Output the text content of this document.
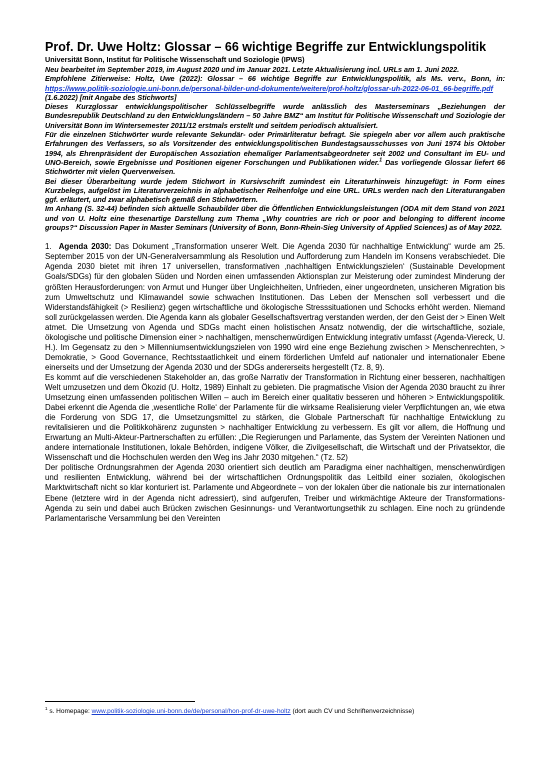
Prof. Dr. Uwe Holtz: Glossar – 66 wichtige Begriffe zur Entwicklungspolitik
Universität Bonn, Institut für Politische Wissenschaft und Soziologie (IPWS)

Neu bearbeitet im September 2019, im August 2020 und im Januar 2021. Letzte Aktualisierung incl. URLs am 1. Juni 2022.

Empfohlene Zitierweise: Holtz, Uwe (2022): Glossar – 66 wichtige Begriffe zur Entwicklungspolitik, als Ms. verv., Bonn, in: https://www.politik-soziologie.uni-bonn.de/personal-bilder-und-dokumente/weitere/prof-holtz/glossar-uh-2022-06-01_66-begriffe.pdf (1.6.2022) [mit Angabe des Stichworts]

Dieses Kurzglossar entwicklungspolitischer Schlüsselbegriffe wurde anlässlich des Masterseminars „Beziehungen der Bundesrepublik Deutschland zu den Entwicklungsländern – 50 Jahre BMZ“ am Institut für Politische Wissenschaft und Soziologie der Universität Bonn im Wintersemester 2011/12 erstmals erstellt und seitdem periodisch aktualisiert.

Für die einzelnen Stichwörter wurde relevante Sekundär- oder Primärliteratur befragt. Sie spiegeln aber vor allem auch praktische Erfahrungen des Verfassers, so als Vorsitzender des entwicklungspolitischen Bundestagsausschusses von Juni 1974 bis Oktober 1994, als Ehrenpräsident der Europäischen Assoziation ehemaliger Parlamentsabgeordneter seit 2002 und Consultant im EU- und UNO-Bereich, sowie Ergebnisse und Positionen eigener Forschungen und Publikationen wider.$^1$ Das vorliegende Glossar liefert 66 Stichwörter mit vielen Querverweisen.

Bei dieser Überarbeitung wurde jedem Stichwort in Kursivschrift zumindest ein Literaturhinweis hinzugefügt: in Form eines Kurzbelegs, aufgelöst im Literaturverzeichnis in alphabetischer Reihenfolge und eine URL. URLs werden nach den Literaturangaben ggf. erläutert, und zwar alphabetisch gemäß den Stichwörtern.

Im Anhang (S. 32-44) befinden sich aktuelle Schaubilder über die Öffentlichen Entwicklungsleistungen (ODA mit dem Stand von 2021 und von U. Holtz eine thesenartige Darstellung zum Thema „Why countries are rich or poor and belonging to different income groups?“ Discussion Paper in Master Seminars (University of Bonn, Bonn-Rhein-Sieg University of Applied Sciences) as of May 2022.

1. Agenda 2030: Das Dokument „Transformation unserer Welt. Die Agenda 2030 für nachhaltige Entwicklung“ wurde am 25. September 2015 von der UN-Generalversammlung als Resolution und Aufforderung zum Handeln im Konsens verabschiedet. Die Agenda 2030 bietet mit ihren 17 universellen, transformativen ‚nachhaltigen Entwicklungszielen‘ (Sustainable Development Goals/SDGs) für den globalen Süden und Norden einen umfassenden Aktionsplan zur Meisterung oder zumindest Minderung der größten Herausforderungen: von Armut und Hunger über Ungleichheiten, Unfrieden, einer ungeordneten, unsicheren Migration bis zum Umweltschutz und Klimawandel sowie schwachen Institutionen. Das Leben der Menschen soll verbessert und die Widerstandsfähigkeit (> Resilienz) gegen wirtschaftliche und ökologische Stresssituationen und Schocks erhöht werden. Niemand soll zurückgelassen werden. Die Agenda kann als globaler Gesellschaftsvertrag verstanden werden, der den Geist der > Einen Welt atmet. Die Umsetzung von Agenda und SDGs macht einen holistischen Ansatz notwendig, der die wirtschaftliche, soziale, ökologische und politische Dimension einer > nachhaltigen, menschenwürdigen Entwicklung integrativ umfasst (Agenda-Viereck, U. H.). Im Gegensatz zu den > Millenniumsentwicklungszielen von 1990 wird eine enge Beziehung zwischen > Menschenrechten, > Demokratie, > Good Governance, Rechtsstaatlichkeit und einem förderlichen Umfeld auf nationaler und internationaler Ebene einerseits und der Umsetzung der Agenda 2030 und der SDGs andererseits hergestellt (Tz. 8, 9).

Es kommt auf die verschiedenen Stakeholder an, das große Narrativ der Transformation in Richtung einer besseren, nachhaltigen Welt umzusetzen und dem Ökozid (U. Holtz, 1989) Einhalt zu gebieten. Die pragmatische Vision der Agenda 2030 braucht zu ihrer Umsetzung einen umfassenden politischen Willen – auch im Bereich einer qualitativ besseren und höheren > Entwicklungspolitik. Dabei erkennt die Agenda die ‚wesentliche Rolle‘ der Parlamente für die wirksame Realisierung vieler Verpflichtungen an, wie etwa die Forderung von SDG 17, die Umsetzungsmittel zu stärken, die Globale Partnerschaft für nachhaltige Entwicklung zu revitalisieren und die Politikkohärenz zugunsten > nachhaltiger Entwicklung zu verbessern. Es gilt vor allem, die Hoffnung und Erwartung an Multi-Akteur-Partnerschaften zu erfüllen: „Die Regierungen und Parlamente, das System der Vereinten Nationen und andere internationale Institutionen, lokale Behörden, indigene Völker, die Zivilgesellschaft, die Wirtschaft und der Privatsektor, die Wissenschaft und die Hochschulen werden den Weg ins Jahr 2030 mitgehen.“ (Tz. 52)

Der politische Ordnungsrahmen der Agenda 2030 orientiert sich deutlich am Paradigma einer nachhaltigen, menschenwürdigen und resilienten Entwicklung, während bei der wirtschaftlichen Ordnungspolitik das Leitbild einer sozialen, ökologischen Marktwirtschaft nicht so klar konturiert ist. Parlamente und Abgeordnete – von der lokalen über die nationale bis zur internationalen Ebene (letztere wird in der Agenda nicht adressiert), sind aufgerufen, Treiber und wirkmächtige Akteure der Transformations-Agenda zu sein und dabei auch Brücken zwischen Gesinnungs- und Verantwortungsethik zu schlagen. Eine noch zu gründende Parlamentarische Versammlung bei den Vereinten

$^1$ s. Homepage: www.politik-soziologie.uni-bonn.de/de/personal/hon-prof-dr-uwe-holtz (dort auch CV und Schriftenverzeichnisse)
